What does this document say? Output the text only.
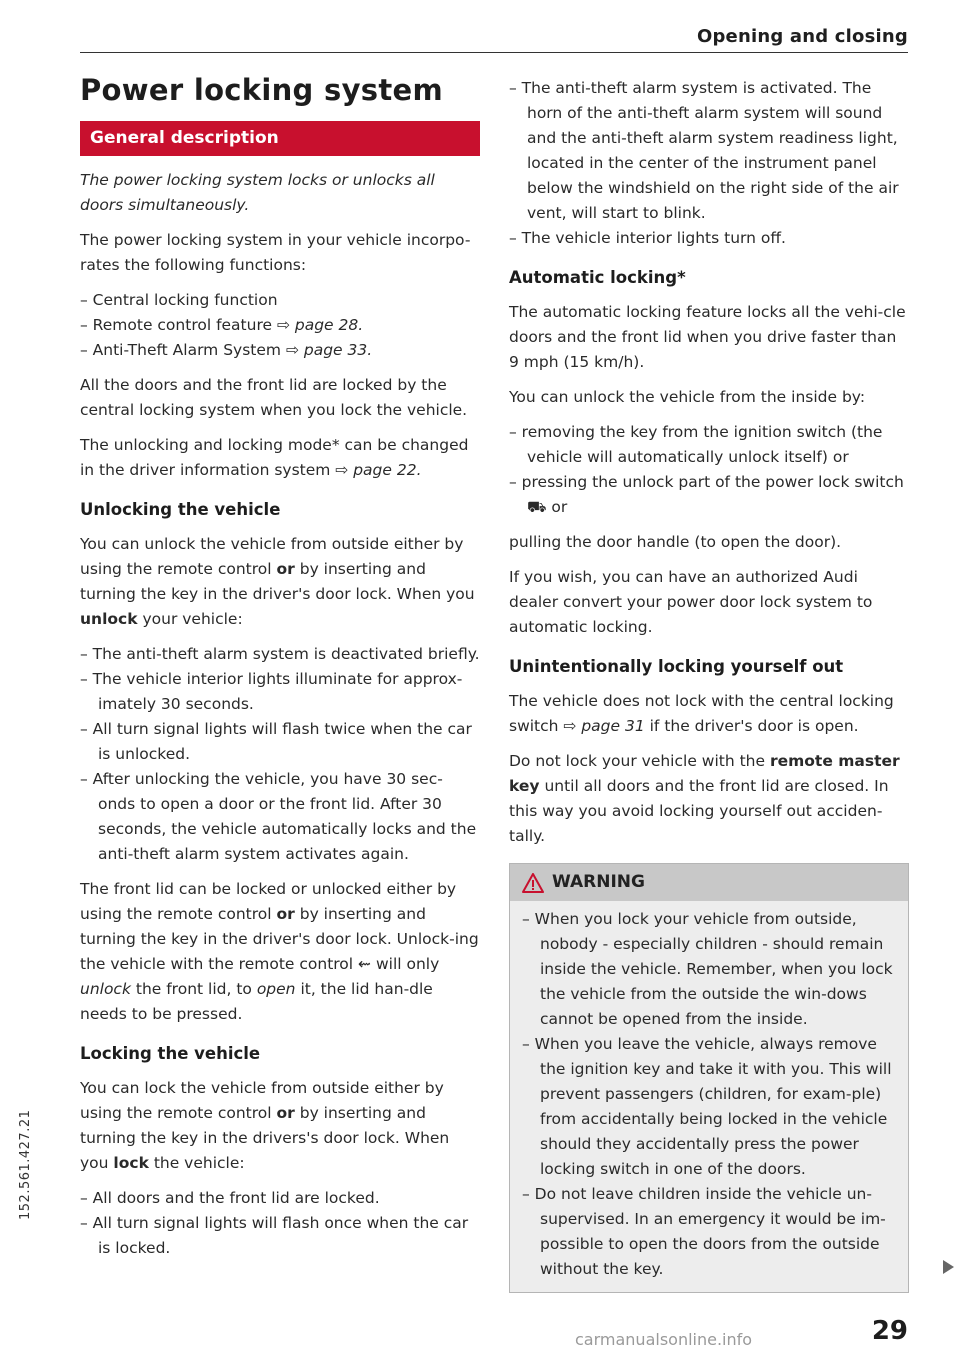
Opening and closing
Power locking system
General description

The power locking system locks or unlocks all doors simultaneously.

The power locking system in your vehicle incorpo-rates the following functions:

– Central locking function
– Remote control feature ⇨ page 28.
– Anti-Theft Alarm System ⇨ page 33.

All the doors and the front lid are locked by the central locking system when you lock the vehicle.

The unlocking and locking mode* can be changed in the driver information system ⇨ page 22.

Unlocking the vehicle

You can unlock the vehicle from outside either by using the remote control or by inserting and turning the key in the driver's door lock. When you unlock your vehicle:

– The anti-theft alarm system is deactivated briefly.
– The vehicle interior lights illuminate for approx-imately 30 seconds.
– All turn signal lights will flash twice when the car is unlocked.
– After unlocking the vehicle, you have 30 sec-onds to open a door or the front lid. After 30 seconds, the vehicle automatically locks and the anti-theft alarm system activates again.

The front lid can be locked or unlocked either by using the remote control or by inserting and turning the key in the driver's door lock. Unlock-ing the vehicle with the remote control ⇜ will only unlock the front lid, to open it, the lid han-dle needs to be pressed.

Locking the vehicle

You can lock the vehicle from outside either by using the remote control or by inserting and turning the key in the drivers's door lock. When you lock the vehicle:

– All doors and the front lid are locked.
– All turn signal lights will flash once when the car is locked.
– The anti-theft alarm system is activated. The horn of the anti-theft alarm system will sound and the anti-theft alarm system readiness light, located in the center of the instrument panel below the windshield on the right side of the air vent, will start to blink.
– The vehicle interior lights turn off.
Automatic locking*

The automatic locking feature locks all the vehi-cle doors and the front lid when you drive faster than 9 mph (15 km/h).

You can unlock the vehicle from the inside by:

– removing the key from the ignition switch (the vehicle will automatically unlock itself) or
– pressing the unlock part of the power lock switch ⛟ or

pulling the door handle (to open the door).

If you wish, you can have an authorized Audi dealer convert your power door lock system to automatic locking.

Unintentionally locking yourself out

The vehicle does not lock with the central locking switch ⇨ page 31 if the driver's door is open.

Do not lock your vehicle with the remote master key until all doors and the front lid are closed. In this way you avoid locking yourself out acciden-tally.

WARNING
– When you lock your vehicle from outside, nobody - especially children - should remain inside the vehicle. Remember, when you lock the vehicle from the outside the win-dows cannot be opened from the inside.
– When you leave the vehicle, always remove the ignition key and take it with you. This will prevent passengers (children, for exam-ple) from accidentally being locked in the vehicle should they accidentally press the power locking switch in one of the doors.
– Do not leave children inside the vehicle un-supervised. In an emergency it would be im-possible to open the doors from the outside without the key.
29
152.561.427.21
carmanualsonline.info
